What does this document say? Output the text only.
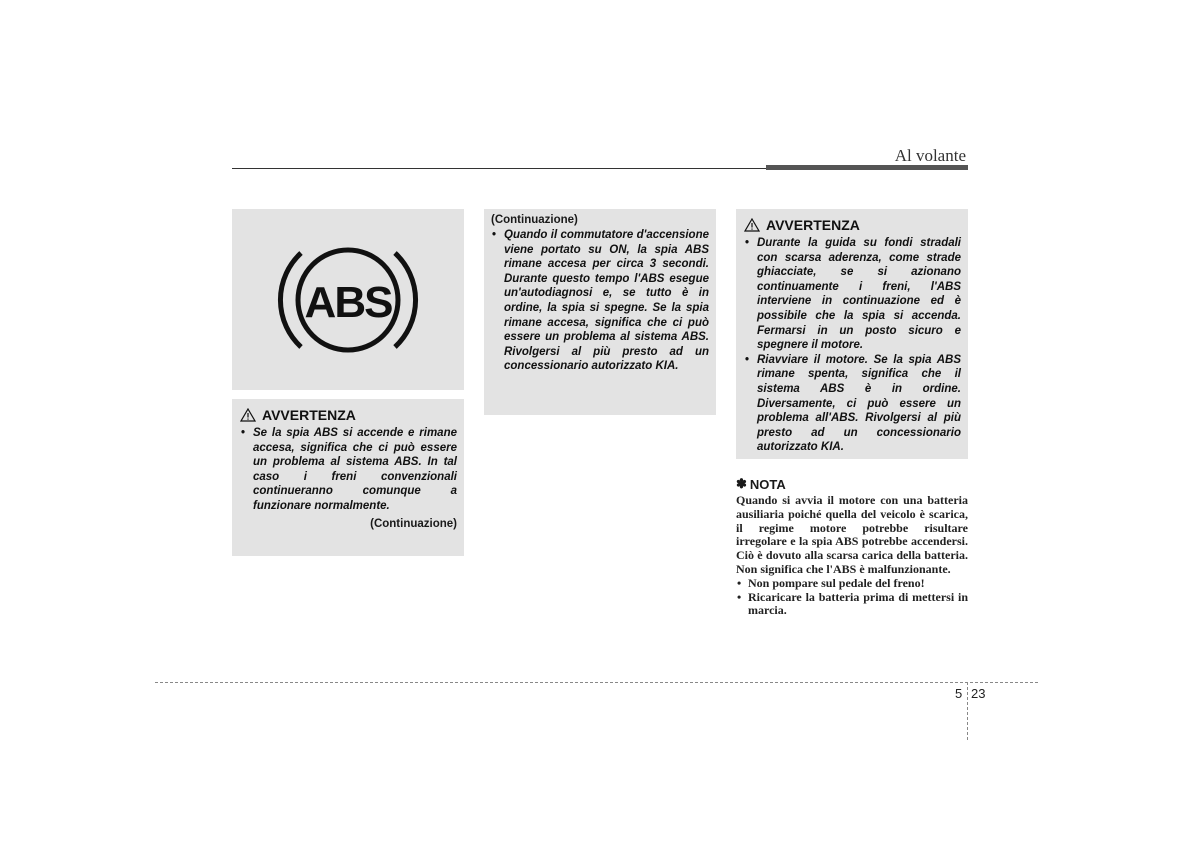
Al volante
ABS
AVVERTENZA
• Se la spia ABS si accende e rimane accesa, significa che ci può essere un problema al sistema ABS. In tal caso i freni convenzionali continueranno comunque a funzionare normalmente.
(Continuazione)
(Continuazione)
• Quando il commutatore d'accensione viene portato su ON, la spia ABS rimane accesa per circa 3 secondi. Durante questo tempo l'ABS esegue un'autodiagnosi e, se tutto è in ordine, la spia si spegne. Se la spia rimane accesa, significa che ci può essere un problema al sistema ABS. Rivolgersi al più presto ad un concessionario autorizzato KIA.
AVVERTENZA
• Durante la guida su fondi stradali con scarsa aderenza, come strade ghiacciate, se si azionano continuamente i freni, l'ABS interviene in continuazione ed è possibile che la spia si accenda. Fermarsi in un posto sicuro e spegnere il motore.
• Riavviare il motore. Se la spia ABS rimane spenta, significa che il sistema ABS è in ordine. Diversamente, ci può essere un problema all'ABS. Rivolgersi al più presto ad un concessionario autorizzato KIA.
✽ NOTA

Quando si avvia il motore con una batteria ausiliaria poiché quella del veicolo è scarica, il regime motore potrebbe risultare irregolare e la spia ABS potrebbe accendersi. Ciò è dovuto alla scarsa carica della batteria. Non significa che l'ABS è malfunzionante.

• Non pompare sul pedale del freno!
• Ricaricare la batteria prima di mettersi in marcia.
5 23
